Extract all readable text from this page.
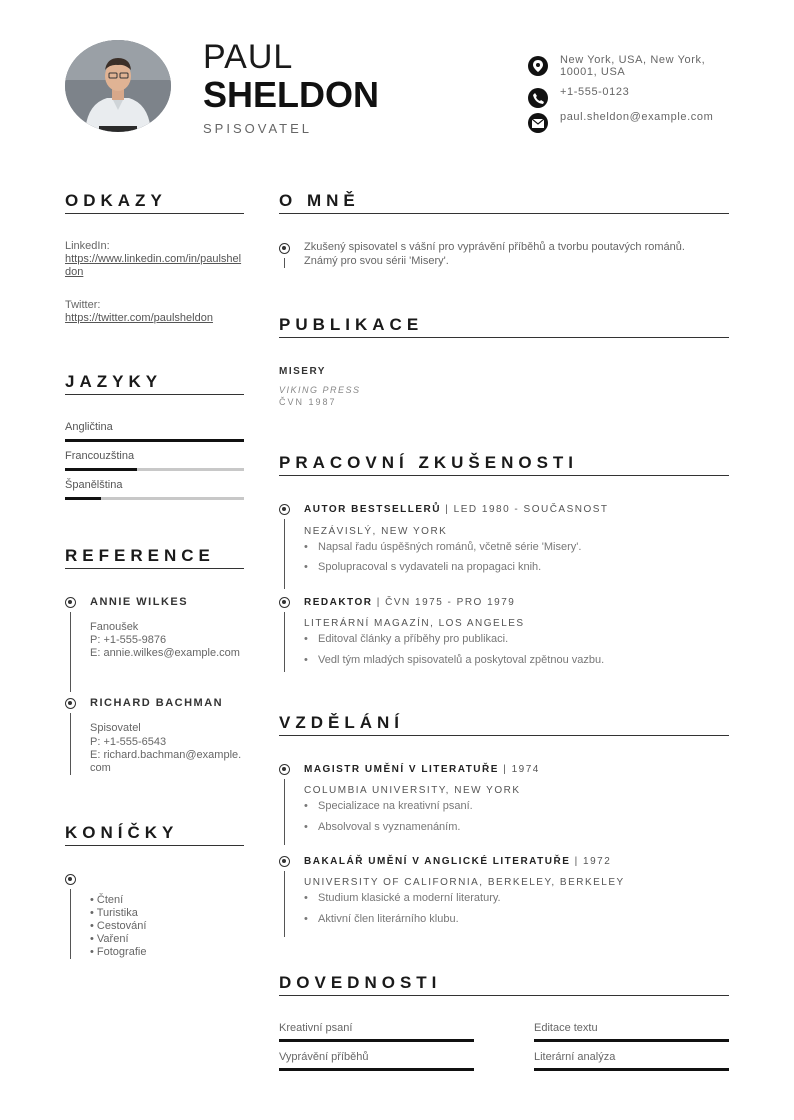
PAUL
SHELDON
SPISOVATEL
New York, USA, New York, 10001, USA
+1-555-0123
paul.sheldon@example.com
ODKAZY
LinkedIn:
https://www.linkedin.com/in/paulsheldon
Twitter:
https://twitter.com/paulsheldon
JAZYKY
Angličtina
Francouzština
Španělština
REFERENCE
ANNIE WILKES
Fanoušek
P: +1-555-9876
E: annie.wilkes@example.com
RICHARD BACHMAN
Spisovatel
P: +1-555-6543
E: richard.bachman@example.com
KONÍČKY
• Čtení
• Turistika
• Cestování
• Vaření
• Fotografie
O MNĚ
Zkušený spisovatel s vášní pro vyprávění příběhů a tvorbu poutavých románů. Známý pro svou sérii 'Misery'.
PUBLIKACE
MISERY
VIKING PRESS
ČVN 1987
PRACOVNÍ ZKUŠENOSTI
AUTOR BESTSELLERŮ | LED 1980 - SOUČASNOST
NEZÁVISLÝ, NEW YORK
• Napsal řadu úspěšných románů, včetně série 'Misery'.
• Spolupracoval s vydavateli na propagaci knih.
REDAKTOR | ČVN 1975 - PRO 1979
LITERÁRNÍ MAGAZÍN, LOS ANGELES
• Editoval články a příběhy pro publikaci.
• Vedl tým mladých spisovatelů a poskytoval zpětnou vazbu.
VZDĚLÁNÍ
MAGISTR UMĚNÍ V LITERATUŘE | 1974
COLUMBIA UNIVERSITY, NEW YORK
• Specializace na kreativní psaní.
• Absolvoval s vyznamenáním.
BAKALÁŘ UMĚNÍ V ANGLICKÉ LITERATUŘE | 1972
UNIVERSITY OF CALIFORNIA, BERKELEY, BERKELEY
• Studium klasické a moderní literatury.
• Aktivní člen literárního klubu.
DOVEDNOSTI
Kreativní psaní	Editace textu
Vyprávění příběhů	Literární analýza
